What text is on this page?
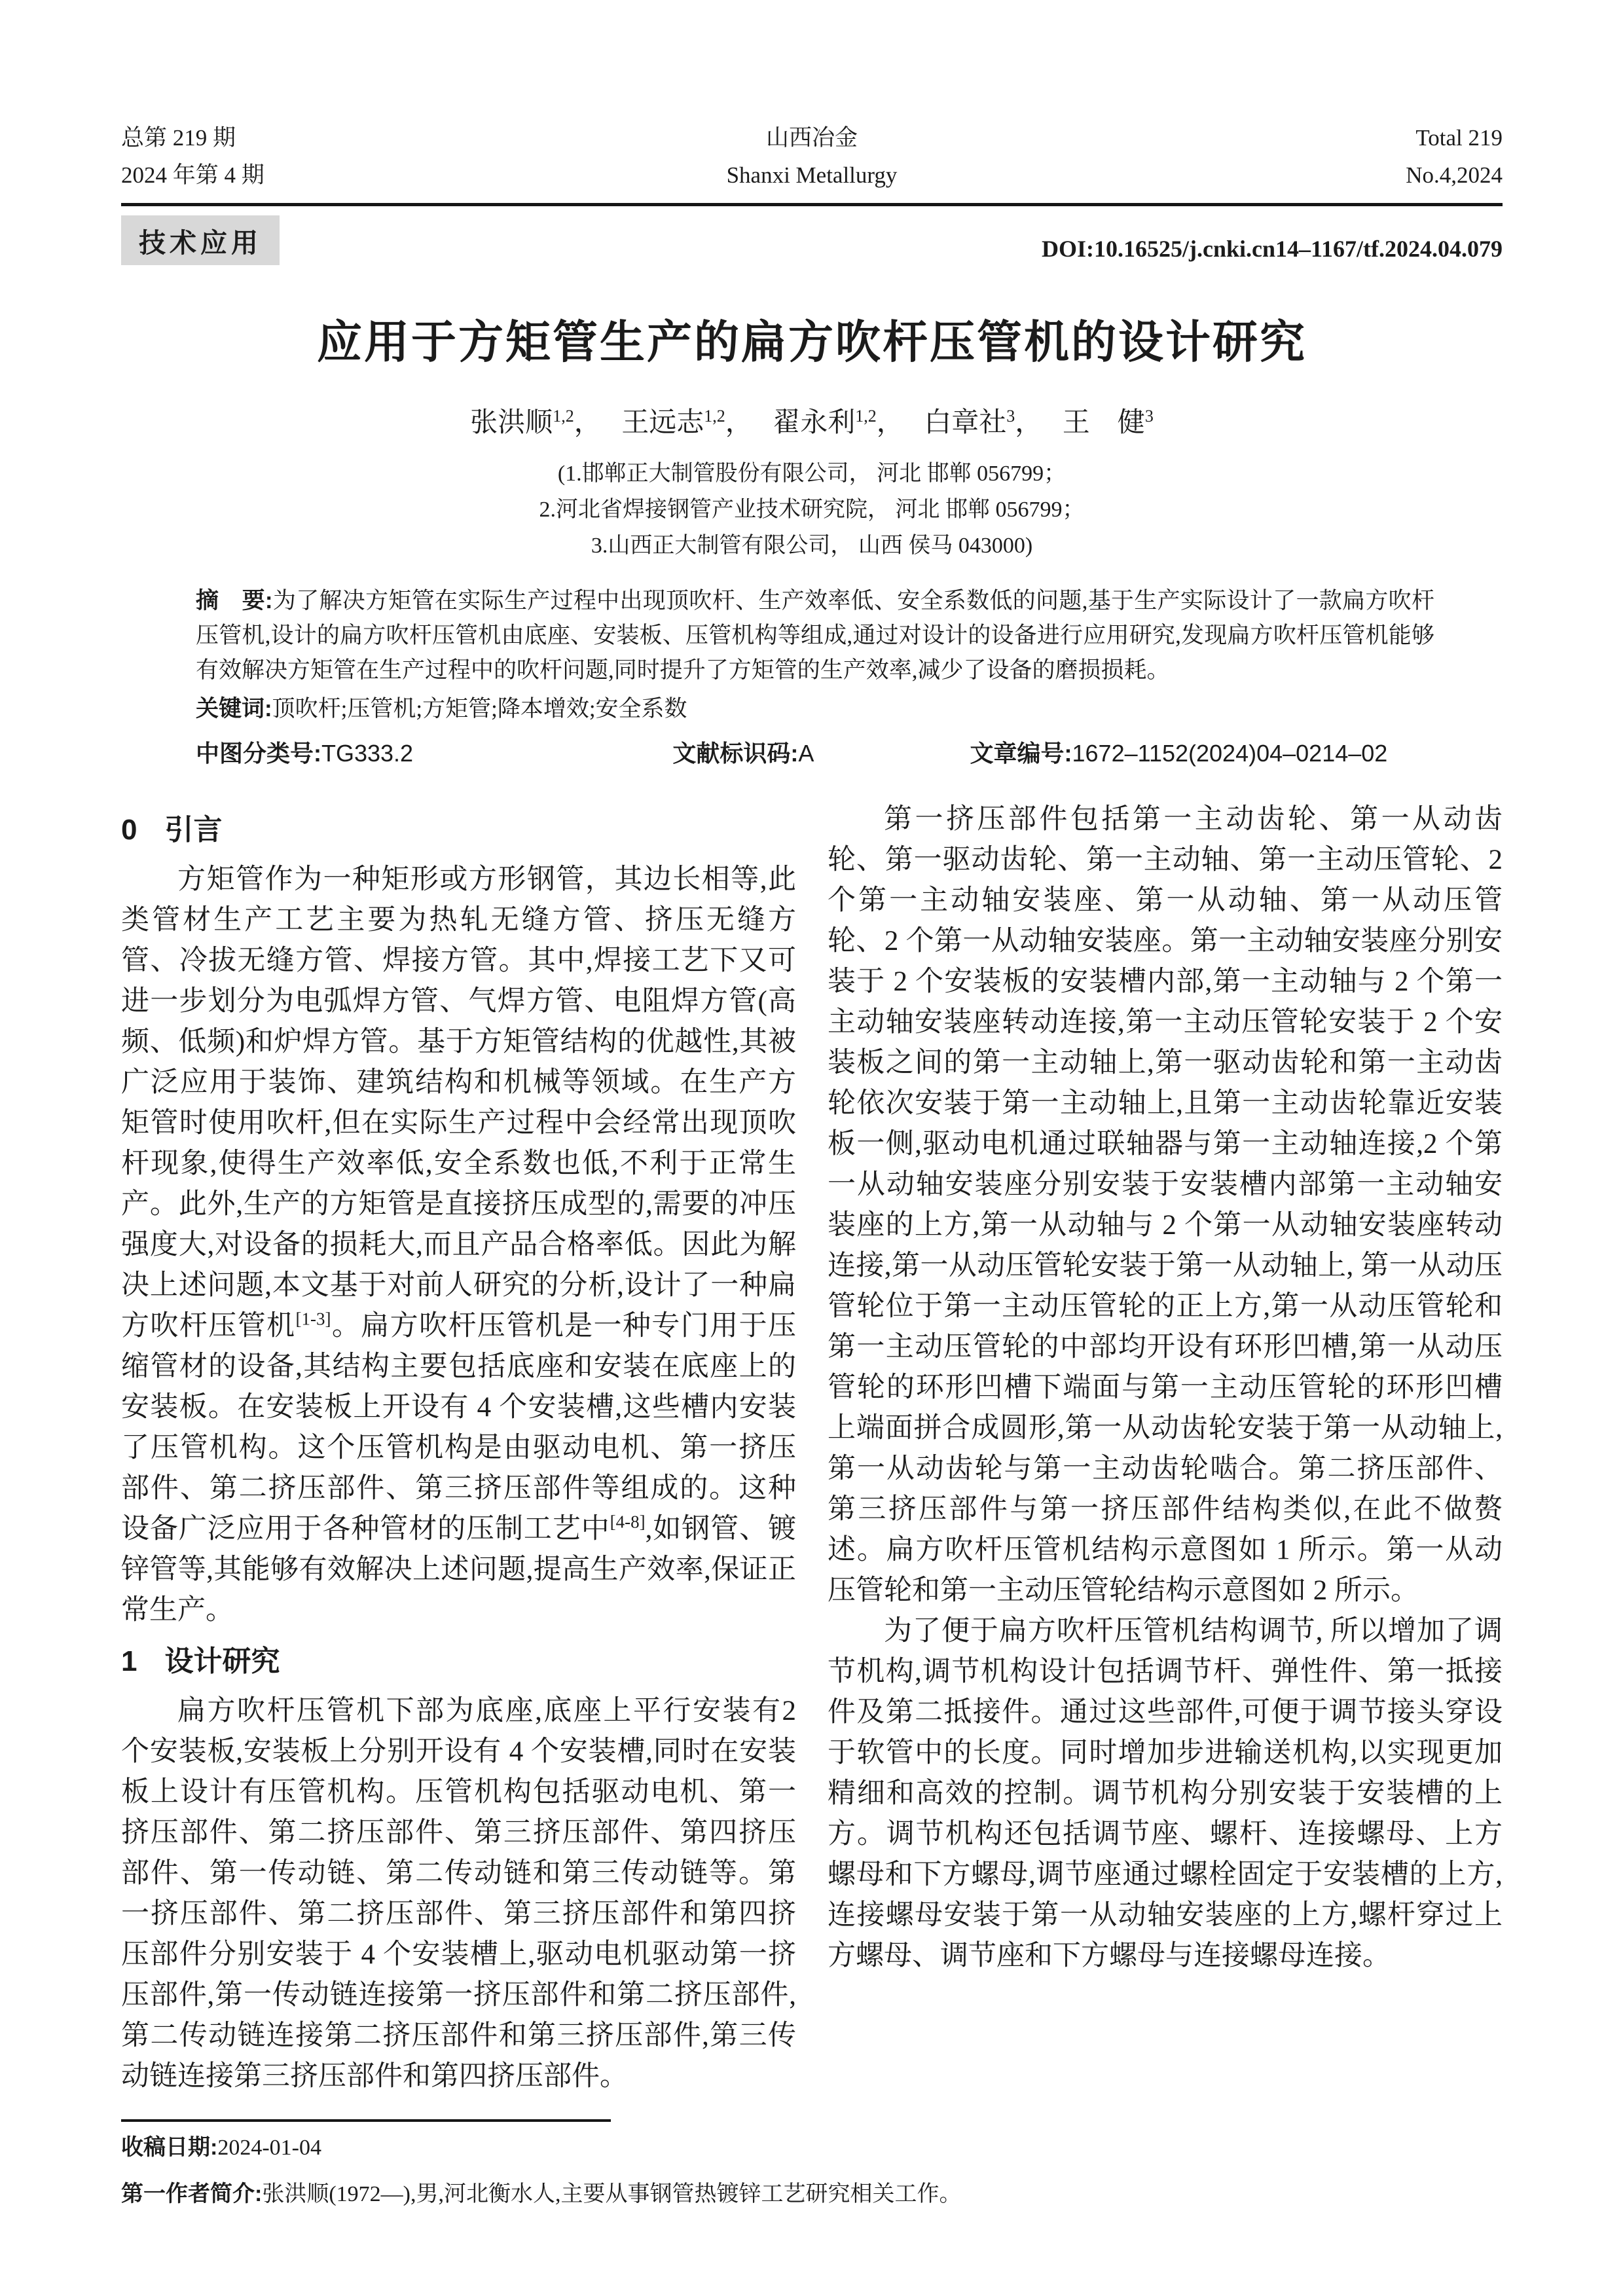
总第 219 期
2024 年第 4 期
山西冶金
Shanxi Metallurgy
Total 219
No.4,2024
技术应用	DOI:10.16525/j.cnki.cn14–1167/tf.2024.04.079
应用于方矩管生产的扁方吹杆压管机的设计研究
张洪顺$^{1,2}$， 王远志$^{1,2}$， 翟永利$^{1,2}$， 白章社$^3$， 王　健$^3$
(1.邯郸正大制管股份有限公司， 河北 邯郸 056799；
2.河北省焊接钢管产业技术研究院， 河北 邯郸 056799；
3.山西正大制管有限公司， 山西 侯马 043000)
摘　要:为了解决方矩管在实际生产过程中出现顶吹杆、生产效率低、安全系数低的问题,基于生产实际设计了一款扁方吹杆压管机,设计的扁方吹杆压管机由底座、安装板、压管机构等组成,通过对设计的设备进行应用研究,发现扁方吹杆压管机能够有效解决方矩管在生产过程中的吹杆问题,同时提升了方矩管的生产效率,减少了设备的磨损损耗。
关键词:顶吹杆;压管机;方矩管;降本增效;安全系数
中图分类号:TG333.2	文献标识码:A	文章编号:1672–1152(2024)04–0214–02
0 引言

方矩管作为一种矩形或方形钢管，其边长相等,此类管材生产工艺主要为热轧无缝方管、挤压无缝方管、冷拔无缝方管、焊接方管。其中,焊接工艺下又可进一步划分为电弧焊方管、气焊方管、电阻焊方管(高频、低频)和炉焊方管。基于方矩管结构的优越性,其被广泛应用于装饰、建筑结构和机械等领域。在生产方矩管时使用吹杆,但在实际生产过程中会经常出现顶吹杆现象,使得生产效率低,安全系数也低,不利于正常生产。此外,生产的方矩管是直接挤压成型的,需要的冲压强度大,对设备的损耗大,而且产品合格率低。因此为解决上述问题,本文基于对前人研究的分析,设计了一种扁方吹杆压管机[1-3]。扁方吹杆压管机是一种专门用于压缩管材的设备,其结构主要包括底座和安装在底座上的安装板。在安装板上开设有 4 个安装槽,这些槽内安装了压管机构。这个压管机构是由驱动电机、第一挤压部件、第二挤压部件、第三挤压部件等组成的。这种设备广泛应用于各种管材的压制工艺中[4-8],如钢管、镀锌管等,其能够有效解决上述问题,提高生产效率,保证正常生产。

1 设计研究

扁方吹杆压管机下部为底座,底座上平行安装有2 个安装板,安装板上分别开设有 4 个安装槽,同时在安装板上设计有压管机构。压管机构包括驱动电机、第一挤压部件、第二挤压部件、第三挤压部件、第四挤压部件、第一传动链、第二传动链和第三传动链等。第一挤压部件、第二挤压部件、第三挤压部件和第四挤压部件分别安装于 4 个安装槽上,驱动电机驱动第一挤压部件,第一传动链连接第一挤压部件和第二挤压部件, 第二传动链连接第二挤压部件和第三挤压部件,第三传动链连接第三挤压部件和第四挤压部件。

第一挤压部件包括第一主动齿轮、第一从动齿轮、第一驱动齿轮、第一主动轴、第一主动压管轮、2个第一主动轴安装座、第一从动轴、第一从动压管轮、2 个第一从动轴安装座。第一主动轴安装座分别安装于 2 个安装板的安装槽内部,第一主动轴与 2 个第一主动轴安装座转动连接,第一主动压管轮安装于 2 个安装板之间的第一主动轴上,第一驱动齿轮和第一主动齿轮依次安装于第一主动轴上,且第一主动齿轮靠近安装板一侧,驱动电机通过联轴器与第一主动轴连接,2 个第一从动轴安装座分别安装于安装槽内部第一主动轴安装座的上方,第一从动轴与 2 个第一从动轴安装座转动连接,第一从动压管轮安装于第一从动轴上, 第一从动压管轮位于第一主动压管轮的正上方,第一从动压管轮和第一主动压管轮的中部均开设有环形凹槽,第一从动压管轮的环形凹槽下端面与第一主动压管轮的环形凹槽上端面拼合成圆形,第一从动齿轮安装于第一从动轴上,第一从动齿轮与第一主动齿轮啮合。第二挤压部件、第三挤压部件与第一挤压部件结构类似,在此不做赘述。扁方吹杆压管机结构示意图如 1 所示。第一从动压管轮和第一主动压管轮结构示意图如 2 所示。

为了便于扁方吹杆压管机结构调节, 所以增加了调节机构,调节机构设计包括调节杆、弹性件、第一抵接件及第二抵接件。通过这些部件,可便于调节接头穿设于软管中的长度。同时增加步进输送机构,以实现更加精细和高效的控制。调节机构分别安装于安装槽的上方。调节机构还包括调节座、螺杆、连接螺母、上方螺母和下方螺母,调节座通过螺栓固定于安装槽的上方,连接螺母安装于第一从动轴安装座的上方,螺杆穿过上方螺母、调节座和下方螺母与连接螺母连接。

收稿日期:2024-01-04
第一作者简介:张洪顺(1972—),男,河北衡水人,主要从事钢管热镀锌工艺研究相关工作。
